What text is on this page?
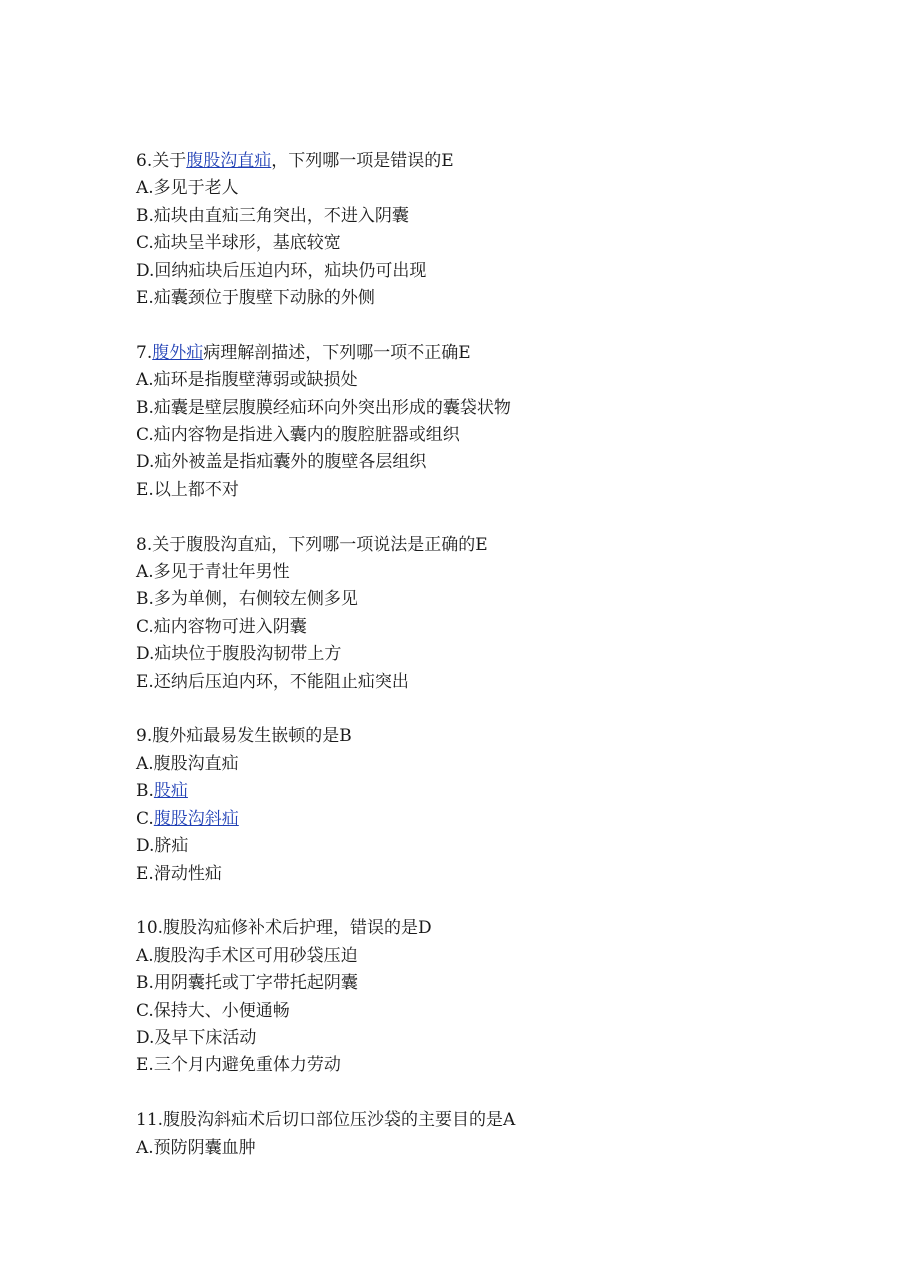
6.关于腹股沟直疝，下列哪一项是错误的E
A.多见于老人
B.疝块由直疝三角突出，不进入阴囊
C.疝块呈半球形，基底较宽
D.回纳疝块后压迫内环，疝块仍可出现
E.疝囊颈位于腹壁下动脉的外侧
7.腹外疝病理解剖描述，下列哪一项不正确E
A.疝环是指腹壁薄弱或缺损处
B.疝囊是壁层腹膜经疝环向外突出形成的囊袋状物
C.疝内容物是指进入囊内的腹腔脏器或组织
D.疝外被盖是指疝囊外的腹壁各层组织
E.以上都不对
8.关于腹股沟直疝，下列哪一项说法是正确的E
A.多见于青壮年男性
B.多为单侧，右侧较左侧多见
C.疝内容物可进入阴囊
D.疝块位于腹股沟韧带上方
E.还纳后压迫内环，不能阻止疝突出
9.腹外疝最易发生嵌顿的是B
A.腹股沟直疝
B.股疝
C.腹股沟斜疝
D.脐疝
E.滑动性疝
10.腹股沟疝修补术后护理，错误的是D
A.腹股沟手术区可用砂袋压迫
B.用阴囊托或丁字带托起阴囊
C.保持大、小便通畅
D.及早下床活动
E.三个月内避免重体力劳动
11.腹股沟斜疝术后切口部位压沙袋的主要目的是A
A.预防阴囊血肿
